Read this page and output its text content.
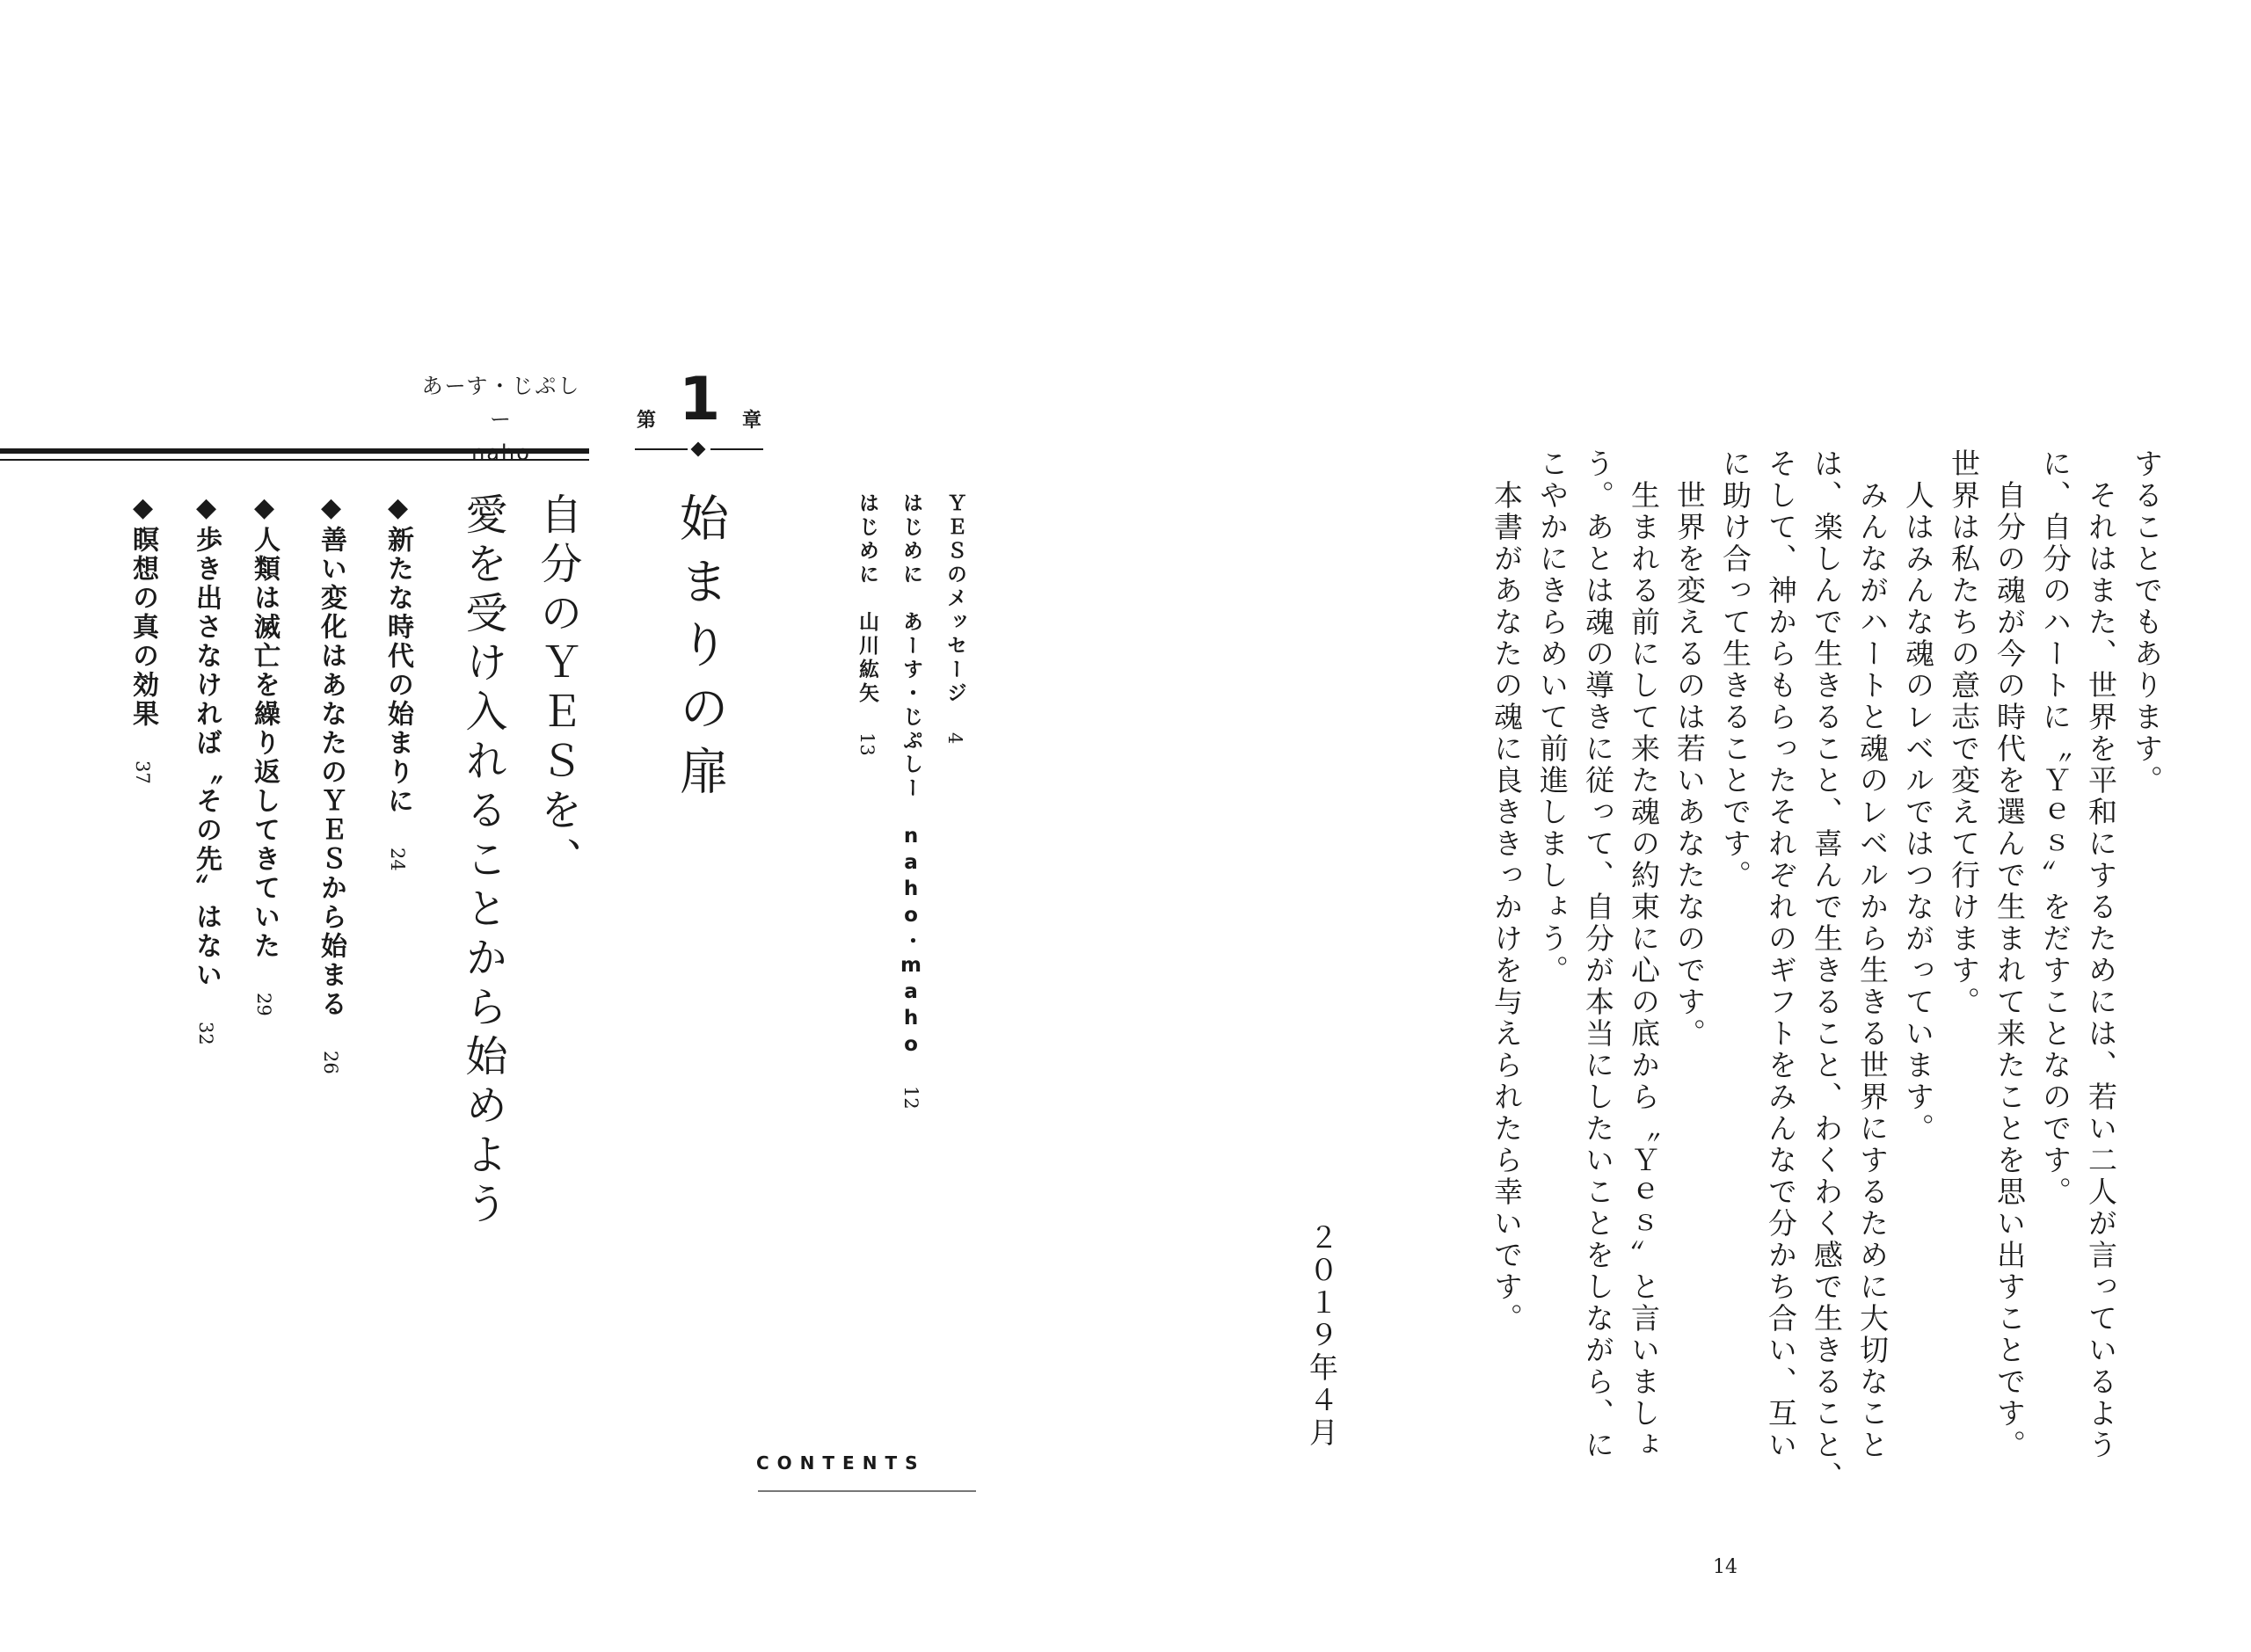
あーす・じぷしー	第 1 章

始まりの扉

自分のＹＥＳを、

愛を受け入れることから始めよう

◆新たな時代の始まりに24
◆善い変化はあなたのＹＥＳから始まる26
◆人類は滅亡を繰り返してきていた29
◆歩き出さなければ〝その先〟はない32
◆瞑想の真の効果37
ＹＥＳのメッセージ4
はじめに　あーす・じぷしー　naho・maho12
はじめに　山川紘矢13
CONTENTS

することでもあります。

　それはまた、世界を平和にするためには、若い二人が言っているよう

に、自分のハートに〝Ｙｅｓ〟をだすことなのです。

　自分の魂が今の時代を選んで生まれて来たことを思い出すことです。

世界は私たちの意志で変えて行けます。

　人はみんな魂のレベルではつながっています。

　みんながハートと魂のレベルから生きる世界にするために大切なこと

は、楽しんで生きること、喜んで生きること、わくわく感で生きること、

そして、神からもらったそれぞれのギフトをみんなで分かち合い、互い

に助け合って生きることです。

　世界を変えるのは若いあなたなのです。

　生まれる前にして来た魂の約束に心の底から〝Ｙｅｓ〟と言いましょ

う。あとは魂の導きに従って、自分が本当にしたいことをしながら、に

こやかにきらめいて前進しましょう。

　本書があなたの魂に良ききっかけを与えられたら幸いです。

２０１９年４月

14
